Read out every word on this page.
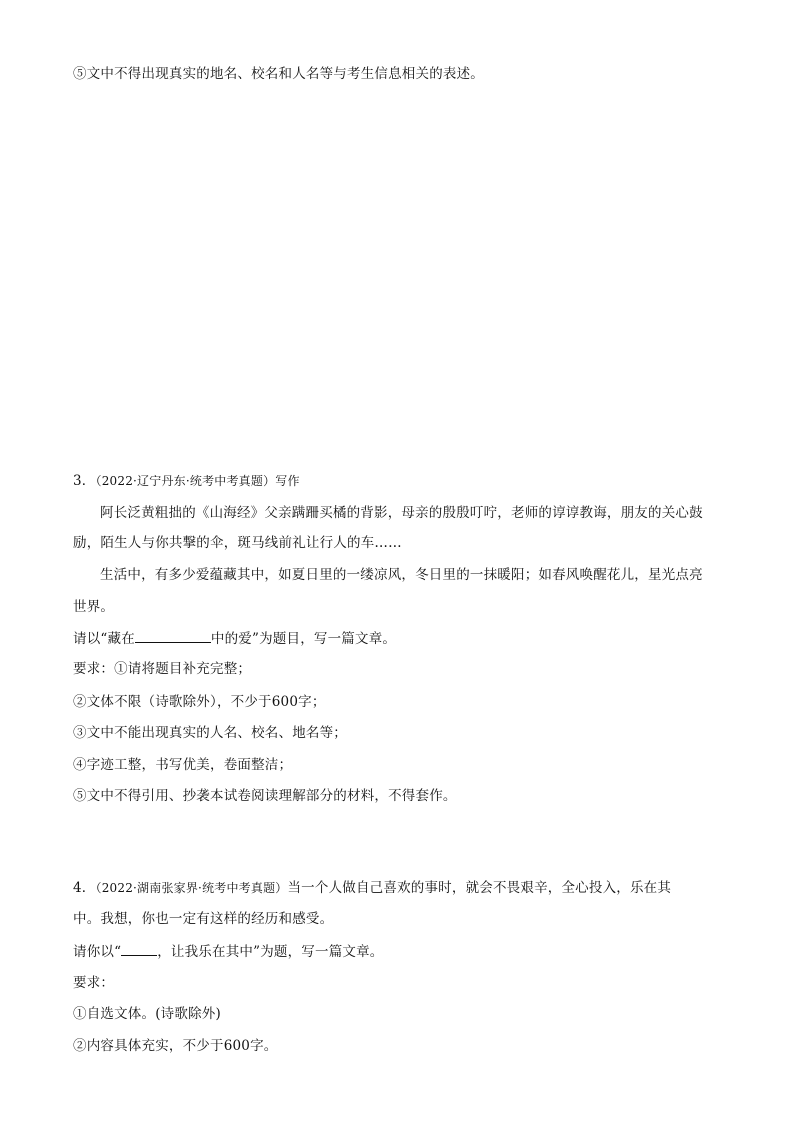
⑤文中不得出现真实的地名、校名和人名等与考生信息相关的表述。
3．（2022·辽宁丹东·统考中考真题）写作
阿长泛黄粗拙的《山海经》父亲蹒跚买橘的背影，母亲的殷殷叮咛，老师的谆谆教诲，朋友的关心鼓
励，陌生人与你共撃的伞，斑马线前礼让行人的车……
生活中，有多少爱蕴藏其中，如夏日里的一缕凉风，冬日里的一抹暖阳；如春风唤醒花儿，星光点亮
世界。
请以“藏在	中的爱”为题目，写一篇文章。
要求：①请将题目补充完整；
②文体不限（诗歌除外），不少于600字；
③文中不能出现真实的人名、校名、地名等；
④字迹工整，书写优美，卷面整洁；
⑤文中不得引用、抄袭本试卷阅读理解部分的材料，不得套作。
4．（2022·湖南张家界·统考中考真题）当一个人做自己喜欢的事时，就会不畏艰辛，全心投入，乐在其
中。我想，你也一定有这样的经历和感受。
请你以“	，让我乐在其中”为题，写一篇文章。
要求：
①自选文体。(诗歌除外)
②内容具体充实，不少于600字。
